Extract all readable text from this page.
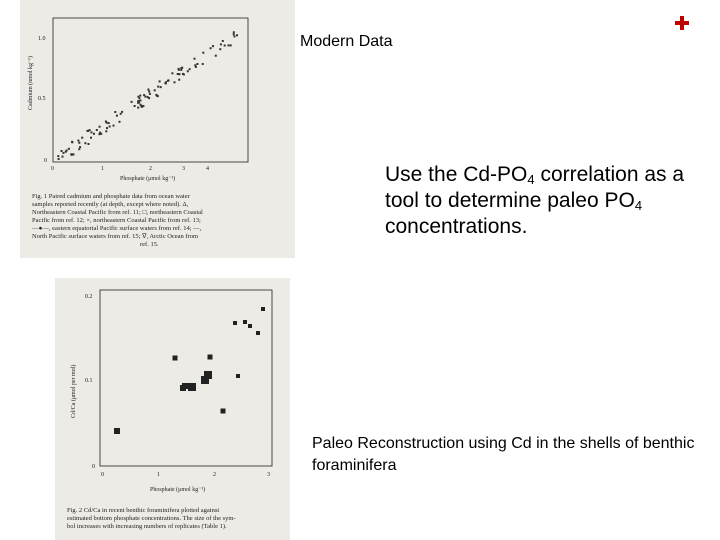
1.0
0.5
0
0	1	2	3	4
Cadmium (nmol kg⁻¹)
Phosphate (μmol kg⁻¹)
Fig. 1 Paired cadmium and phosphate data from ocean water
samples reported recently (at depth, except where noted). Δ,
Northeastern Coastal Pacific from ref. 11; □, northeastern Coastal
Pacific from ref. 12; ×, northeastern Coastal Pacific from ref. 13;
—●—, eastern equatorial Pacific surface waters from ref. 14; —,
North Pacific surface waters from ref. 15; ∇, Arctic Ocean from
ref. 15.
0.2
0.1
0
0	1	2	3
Cd/Ca (μmol per mol)
Phosphate (μmol kg⁻¹)
Fig. 2 Cd/Ca in recent benthic foraminifera plotted against
estimated bottom phosphate concentrations. The size of the sym-
bol increases with increasing numbers of replicates (Table 1).
Modern Data
Use the $Cd-PO_4$ correlation as a tool to determine paleo $PO_4$ concentrations.
Paleo Reconstruction using Cd in the shells of benthic foraminifera
